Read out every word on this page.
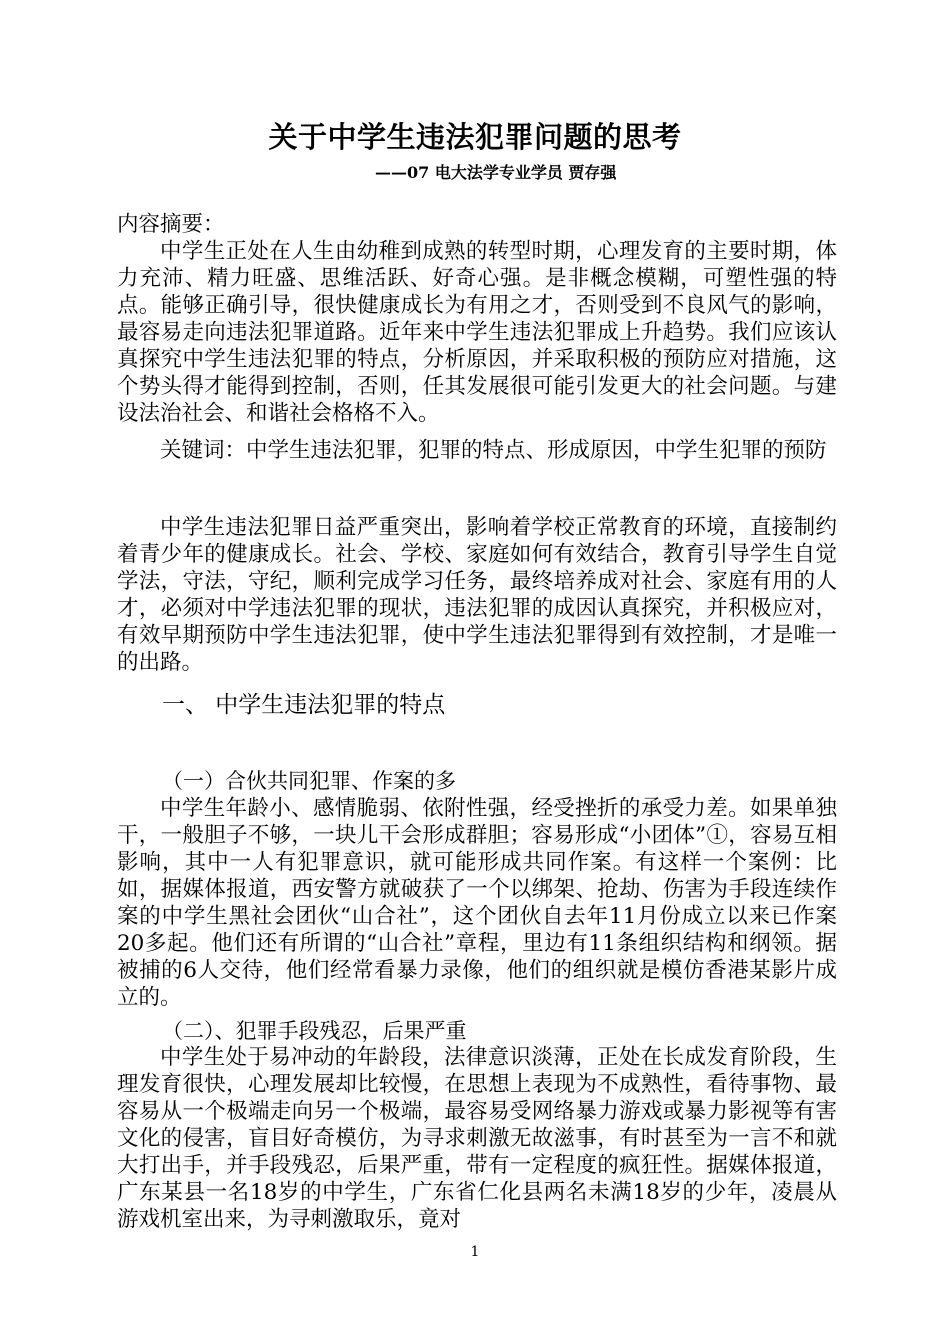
关于中学生违法犯罪问题的思考
——07 电大法学专业学员 贾存强
内容摘要：
中学生正处在人生由幼稚到成熟的转型时期，心理发育的主要时期，体力充沛、精力旺盛、思维活跃、好奇心强。是非概念模糊，可塑性强的特点。能够正确引导，很快健康成长为有用之才，否则受到不良风气的影响，最容易走向违法犯罪道路。近年来中学生违法犯罪成上升趋势。我们应该认真探究中学生违法犯罪的特点，分析原因，并采取积极的预防应对措施，这个势头得才能得到控制，否则，任其发展很可能引发更大的社会问题。与建设法治社会、和谐社会格格不入。
关键词：中学生违法犯罪，犯罪的特点、形成原因，中学生犯罪的预防
中学生违法犯罪日益严重突出，影响着学校正常教育的环境，直接制约着青少年的健康成长。社会、学校、家庭如何有效结合，教育引导学生自觉学法，守法，守纪，顺利完成学习任务，最终培养成对社会、家庭有用的人才，必须对中学违法犯罪的现状，违法犯罪的成因认真探究，并积极应对，有效早期预防中学生违法犯罪，使中学生违法犯罪得到有效控制，才是唯一的出路。
一、 中学生违法犯罪的特点
（一）合伙共同犯罪、作案的多
中学生年龄小、感情脆弱、依附性强，经受挫折的承受力差。如果单独干，一般胆子不够，一块儿干会形成群胆；容易形成“小团体”①，容易互相影响，其中一人有犯罪意识，就可能形成共同作案。有这样一个案例：比如，据媒体报道，西安警方就破获了一个以绑架、抢劫、伤害为手段连续作案的中学生黑社会团伙“山合社”，这个团伙自去年11月份成立以来已作案20多起。他们还有所谓的“山合社”章程，里边有11条组织结构和纲领。据被捕的6人交待，他们经常看暴力录像，他们的组织就是模仿香港某影片成立的。
（二）、犯罪手段残忍，后果严重
中学生处于易冲动的年龄段，法律意识淡薄，正处在长成发育阶段，生理发育很快，心理发展却比较慢，在思想上表现为不成熟性，看待事物、最容易从一个极端走向另一个极端，最容易受网络暴力游戏或暴力影视等有害文化的侵害，盲目好奇模仿，为寻求刺激无故滋事，有时甚至为一言不和就大打出手，并手段残忍，后果严重，带有一定程度的疯狂性。据媒体报道，广东某县一名18岁的中学生，广东省仁化县两名未满18岁的少年，凌晨从游戏机室出来，为寻刺激取乐，竟对
1
